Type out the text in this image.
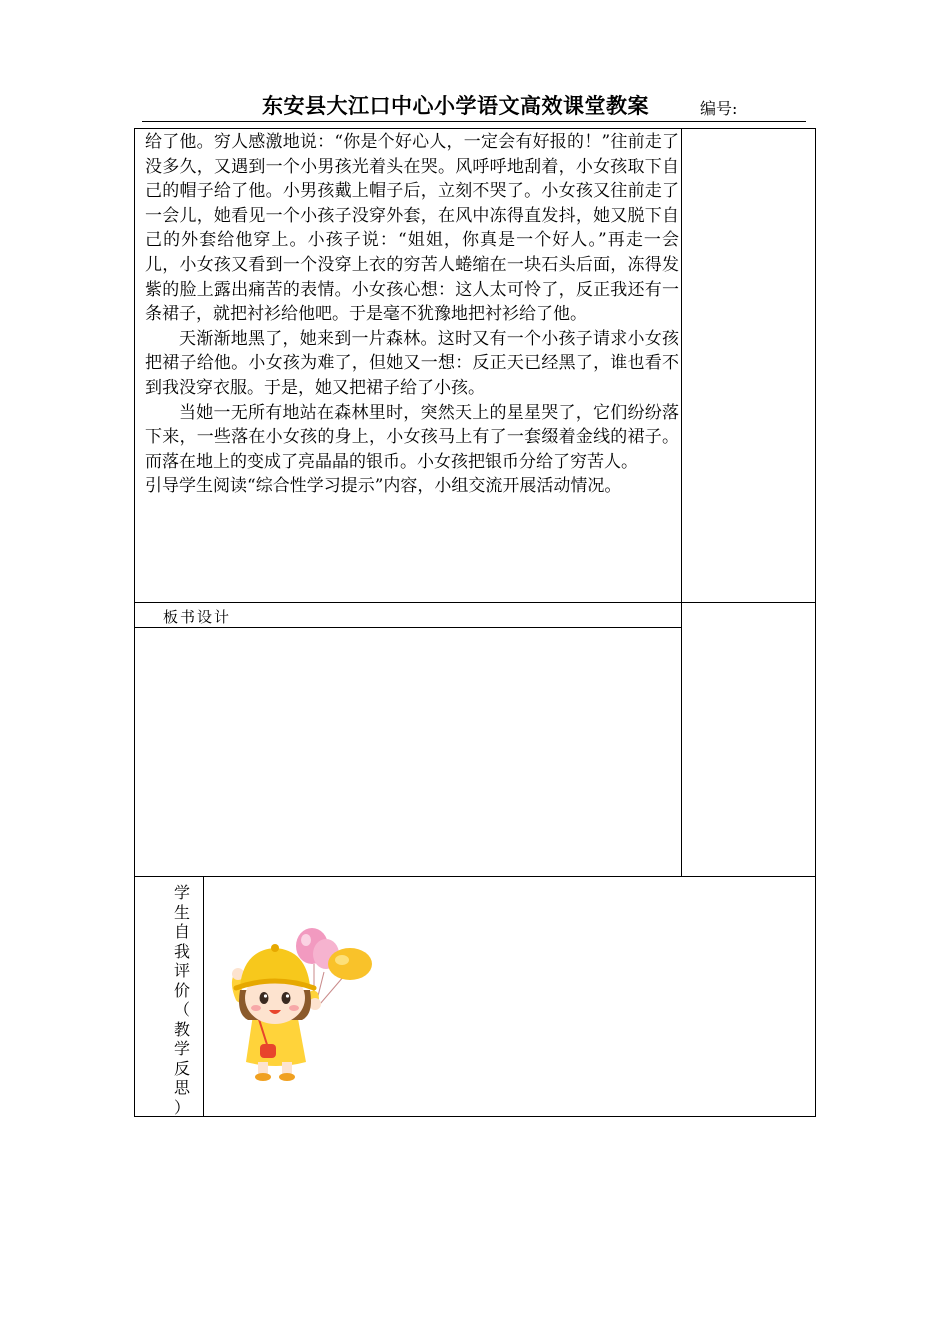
东安县大江口中心小学语文高效课堂教案	编号:

给了他。穷人感激地说：“你是个好心人，一定会有好报的！”往前走了没多久，又遇到一个小男孩光着头在哭。风呼呼地刮着，小女孩取下自己的帽子给了他。小男孩戴上帽子后，立刻不哭了。小女孩又往前走了一会儿，她看见一个小孩子没穿外套，在风中冻得直发抖，她又脱下自己的外套给他穿上。小孩子说：“姐姐，你真是一个好人。”再走一会儿，小女孩又看到一个没穿上衣的穷苦人蜷缩在一块石头后面，冻得发紫的脸上露出痛苦的表情。小女孩心想：这人太可怜了，反正我还有一条裙子，就把衬衫给他吧。于是毫不犹豫地把衬衫给了他。

天渐渐地黑了，她来到一片森林。这时又有一个小孩子请求小女孩把裙子给他。小女孩为难了，但她又一想：反正天已经黑了，谁也看不到我没穿衣服。于是，她又把裙子给了小孩。

当她一无所有地站在森林里时，突然天上的星星哭了，它们纷纷落下来，一些落在小女孩的身上，小女孩马上有了一套缀着金线的裙子。而落在地上的变成了亮晶晶的银币。小女孩把银币分给了穷苦人。

引导学生阅读“综合性学习提示”内容，小组交流开展活动情况。

板书设计
学
生
自
我
评
价
（
教
学
反
思
）
